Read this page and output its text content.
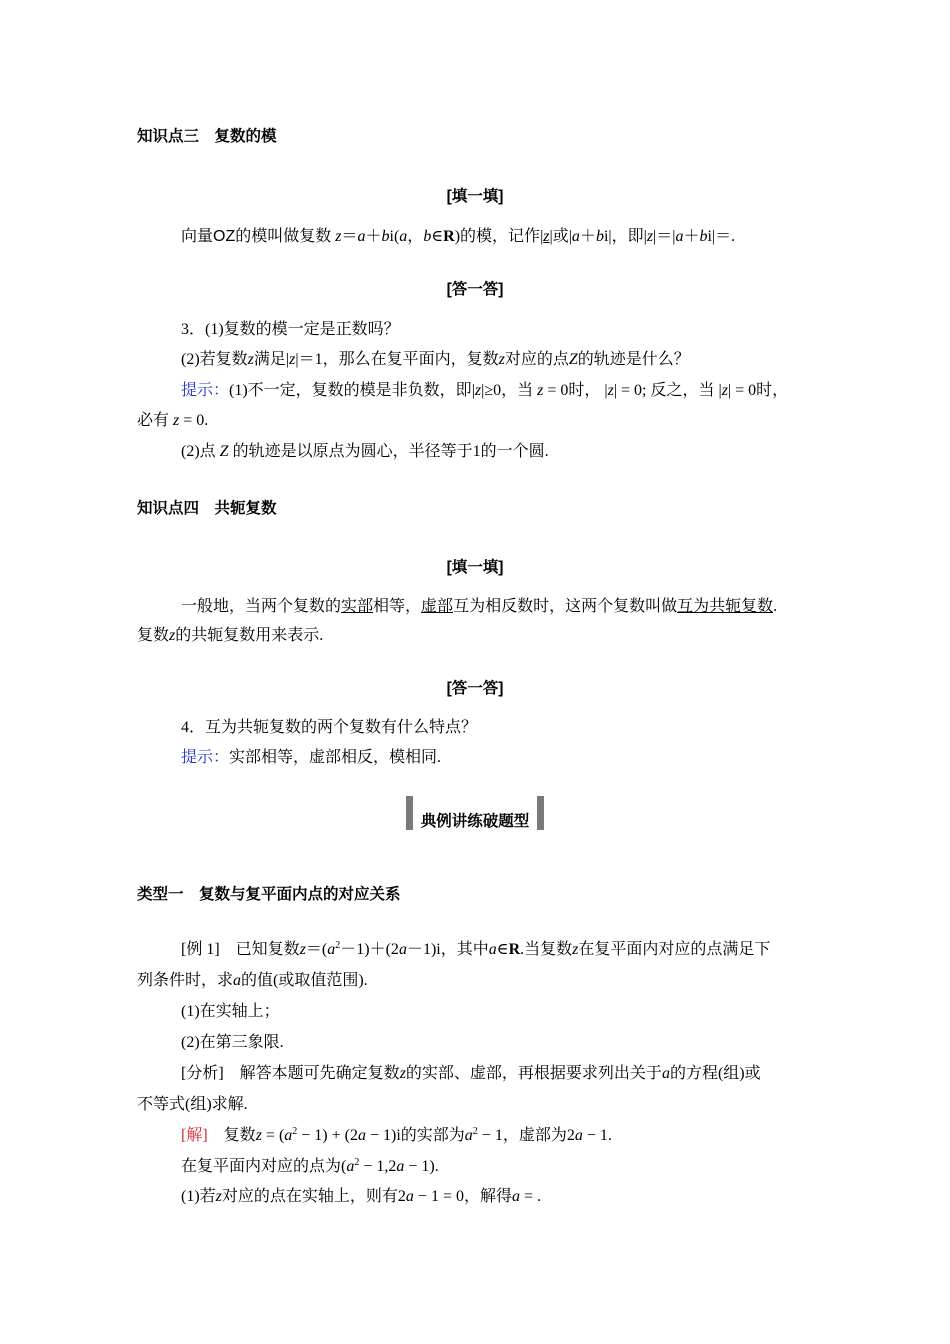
知识点三　复数的模
[填一填]
向量OZ的模叫做复数 z＝a＋bi(a，b∈R)的模，记作|z|或|a＋bi|，即|z|＝|a＋bi|＝.
[答一答]
3．(1)复数的模一定是正数吗？
(2)若复数z满足|z|＝1，那么在复平面内，复数z对应的点Z的轨迹是什么？
提示：(1)不一定，复数的模是非负数，即|z|≥0，当 z = 0时， |z| = 0; 反之，当 |z| = 0时，
必有 z = 0.
(2)点 Z 的轨迹是以原点为圆心，半径等于1的一个圆.
知识点四　共轭复数
[填一填]
一般地，当两个复数的实部相等，虚部互为相反数时，这两个复数叫做互为共轭复数.
复数z的共轭复数用来表示.
[答一答]
4．互为共轭复数的两个复数有什么特点？
提示：实部相等，虚部相反，模相同.
典例讲练破题型
类型一　复数与复平面内点的对应关系
[例 1]　已知复数$z=(a^2-1)+(2a-1)i$，其中a∈R.当复数z在复平面内对应的点满足下
列条件时，求a的值(或取值范围).
(1)在实轴上；
(2)在第三象限.
[分析]　解答本题可先确定复数z的实部、虚部，再根据要求列出关于a的方程(组)或
不等式(组)求解.
[解]　复数$z = (a^2 - 1) + (2a - 1)i$的实部为$a^2 - 1$，虚部为2a − 1.
在复平面内对应的点为$(a^2 - 1,2a - 1)$.
(1)若z对应的点在实轴上，则有2a − 1 = 0，解得a = .
